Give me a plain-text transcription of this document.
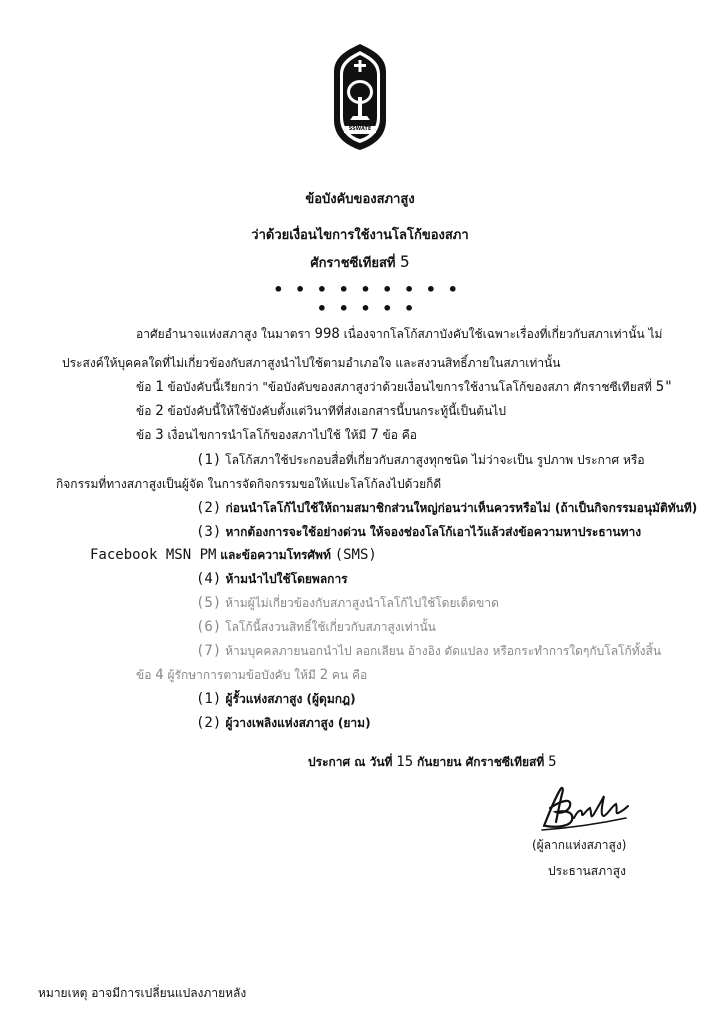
SSWATE
ข้อบังคับของสภาสูง
ว่าด้วยเงื่อนไขการใช้งานโลโก้ของสภา
ศักราชซีเทียสที่ 5
• • • • • • • • • • • • • •
อาศัยอำนาจแห่งสภาสูง ในมาตรา 998 เนื่องจากโลโก้สภาบังคับใช้เฉพาะเรื่องที่เกี่ยวกับสภาเท่านั้น ไม่
ประสงค์ให้บุคคลใดที่ไม่เกี่ยวข้องกับสภาสูงนำไปใช้ตามอำเภอใจ และสงวนสิทธิ์ภายในสภาเท่านั้น
ข้อ 1 ข้อบังคับนี้เรียกว่า "ข้อบังคับของสภาสูงว่าด้วยเงื่อนไขการใช้งานโลโก้ของสภา ศักราชซีเทียสที่ 5"
ข้อ 2 ข้อบังคับนี้ให้ใช้บังคับตั้งแต่วินาทีที่ส่งเอกสารนี้บนกระทู้นี้เป็นต้นไป
ข้อ 3 เงื่อนไขการนำโลโก้ของสภาไปใช้ ให้มี 7 ข้อ คือ
(1) โลโก้สภาใช้ประกอบสื่อที่เกี่ยวกับสภาสูงทุกชนิด ไม่ว่าจะเป็น รูปภาพ ประกาศ หรือ
กิจกรรมที่ทางสภาสูงเป็นผู้จัด ในการจัดกิจกรรมขอให้แปะโลโก้ลงไปด้วยก็ดี
(2) ก่อนนำโลโก้ไปใช้ให้ถามสมาชิกส่วนใหญ่ก่อนว่าเห็นควรหรือไม่ (ถ้าเป็นกิจกรรมอนุมัติทันที)
(3) หากต้องการจะใช้อย่างด่วน ให้จองช่องโลโก้เอาไว้แล้วส่งข้อความหาประธานทาง
Facebook MSN PM และข้อความโทรศัพท์ (SMS)
(4) ห้ามนำไปใช้โดยพลการ
(5) ห้ามผู้ไม่เกี่ยวข้องกับสภาสูงนำโลโก้ไปใช้โดยเด็ดขาด
(6) โลโก้นี้สงวนสิทธิ์ใช้เกี่ยวกับสภาสูงเท่านั้น
(7) ห้ามบุคคลภายนอกนำไป ลอกเลียน อ้างอิง ดัดแปลง หรือกระทำการใดๆกับโลโก้ทั้งสิ้น
ข้อ 4 ผู้รักษาการตามข้อบังคับ ให้มี 2 คน คือ
(1) ผู้รั้วแห่งสภาสูง (ผู้ดุมกฎ)
(2) ผู้วางเพลิงแห่งสภาสูง (ยาม)
ประกาศ ณ วันที่ 15 กันยายน ศักราชซีเทียสที่ 5
(ผู้ลากแห่งสภาสูง)
ประธานสภาสูง
หมายเหตุ อาจมีการเปลี่ยนแปลงภายหลัง
